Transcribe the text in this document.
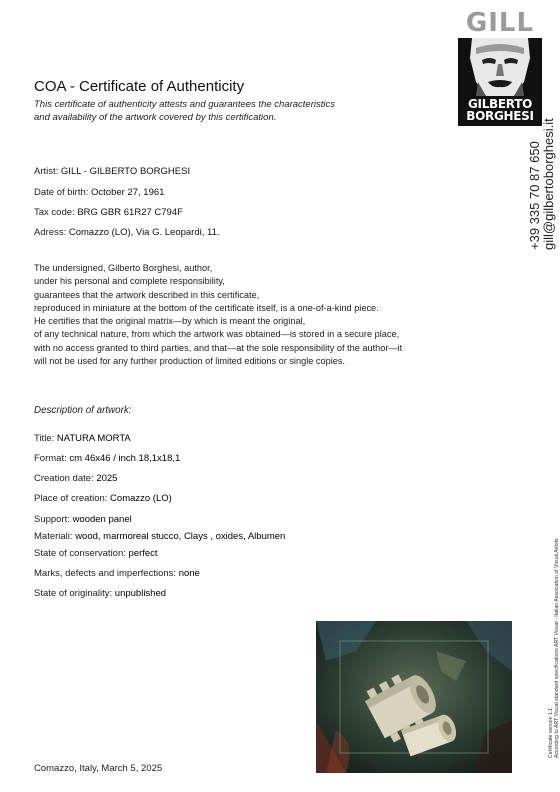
GILL
GILBERTO
BORGHESI
+39 335 70 87 650 gill@gilbertoborghesi.it
Certificate version 1.1 According to ART Visual standard specifications ART Visual - Italian Association of Visual Artists
COA - Certificate of Authenticity
This certificate of authenticity attests and guarantees the characteristics
and availability of the artwork covered by this certification.
Artist: GILL - GILBERTO BORGHESI
Date of birth: October 27, 1961
Tax code: BRG GBR 61R27 C794F
Adress: Comazzo (LO), Via G. Leopardi, 11.
The undersigned, Gilberto Borghesi, author,
under his personal and complete responsibility,
guarantees that the artwork described in this certificate,
reproduced in miniature at the bottom of the certificate itself, is a one-of-a-kind piece.
He certifies that the original matrix—by which is meant the original,
of any technical nature, from which the artwork was obtained—is stored in a secure place,
with no access granted to third parties, and that—at the sole responsibility of the author—it
will not be used for any further production of limited editions or single copies.
Description of artwork:
Title: NATURA MORTA
Format: cm 46x46 / inch 18,1x18,1
Creation date: 2025
Place of creation: Comazzo (LO)
Support: wooden panel
Materiali: wood, marmoreal stucco, Clays , oxides, Albumen
State of conservation: perfect
Marks, defects and imperfections: none
State of originality: unpublished
Comazzo, Italy, March 5, 2025
